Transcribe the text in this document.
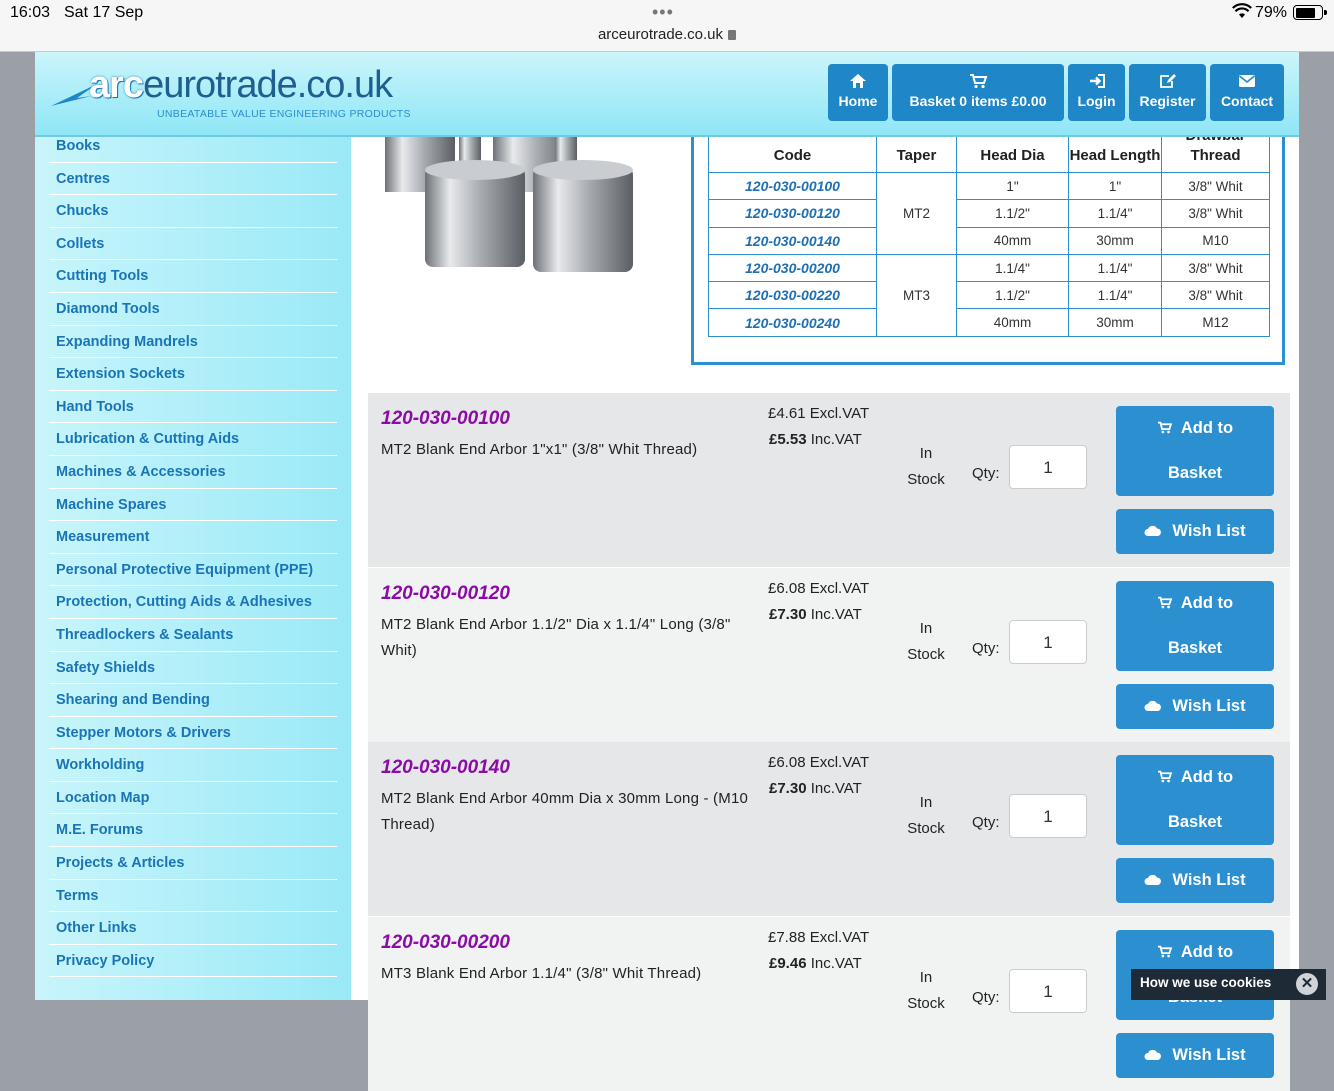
16:03 Sat 17 Sep	•••
arceurotrade.co.uk
79%
arceurotrade.co.uk
UNBEATABLE VALUE ENGINEERING PRODUCTS
Home	Basket 0 items £0.00	Login	Register	Contact
Books
Centres
Chucks
Collets
Cutting Tools
Diamond Tools
Expanding Mandrels
Extension Sockets
Hand Tools
Lubrication & Cutting Aids
Machines & Accessories
Machine Spares
Measurement
Personal Protective Equipment (PPE)
Protection, Cutting Aids & Adhesives
Threadlockers & Sealants
Safety Shields
Shearing and Bending
Stepper Motors & Drivers
Workholding
Location Map
M.E. Forums
Projects & Articles
Terms
Other Links
Privacy Policy
Code	Taper	Head Dia	Head Length	Thread
120-030-00100	MT2	1"	1"	3/8" Whit
120-030-00120		1.1/2"	1.1/4"	3/8" Whit
120-030-00140		40mm	30mm	M10
120-030-00200	MT3	1.1/4"	1.1/4"	3/8" Whit
120-030-00220		1.1/2"	1.1/4"	3/8" Whit
120-030-00240		40mm	30mm	M12
120-030-00100
MT2 Blank End Arbor 1"x1" (3/8" Whit Thread)
£4.61 Excl.VAT
£5.53 Inc.VAT
In
Stock	Qty:	1
Add to
Basket
Wish List
120-030-00120
MT2 Blank End Arbor 1.1/2" Dia x 1.1/4" Long (3/8" Whit)
£6.08 Excl.VAT
£7.30 Inc.VAT
In
Stock	Qty:	1
Add to
Basket
Wish List
120-030-00140
MT2 Blank End Arbor 40mm Dia x 30mm Long - (M10 Thread)
£6.08 Excl.VAT
£7.30 Inc.VAT
In
Stock	Qty:	1
Add to
Basket
Wish List
120-030-00200
MT3 Blank End Arbor 1.1/4" (3/8" Whit Thread)
£7.88 Excl.VAT
£9.46 Inc.VAT
In
Stock	Qty:	1
Add to
Wish List
How we use cookies	✕
